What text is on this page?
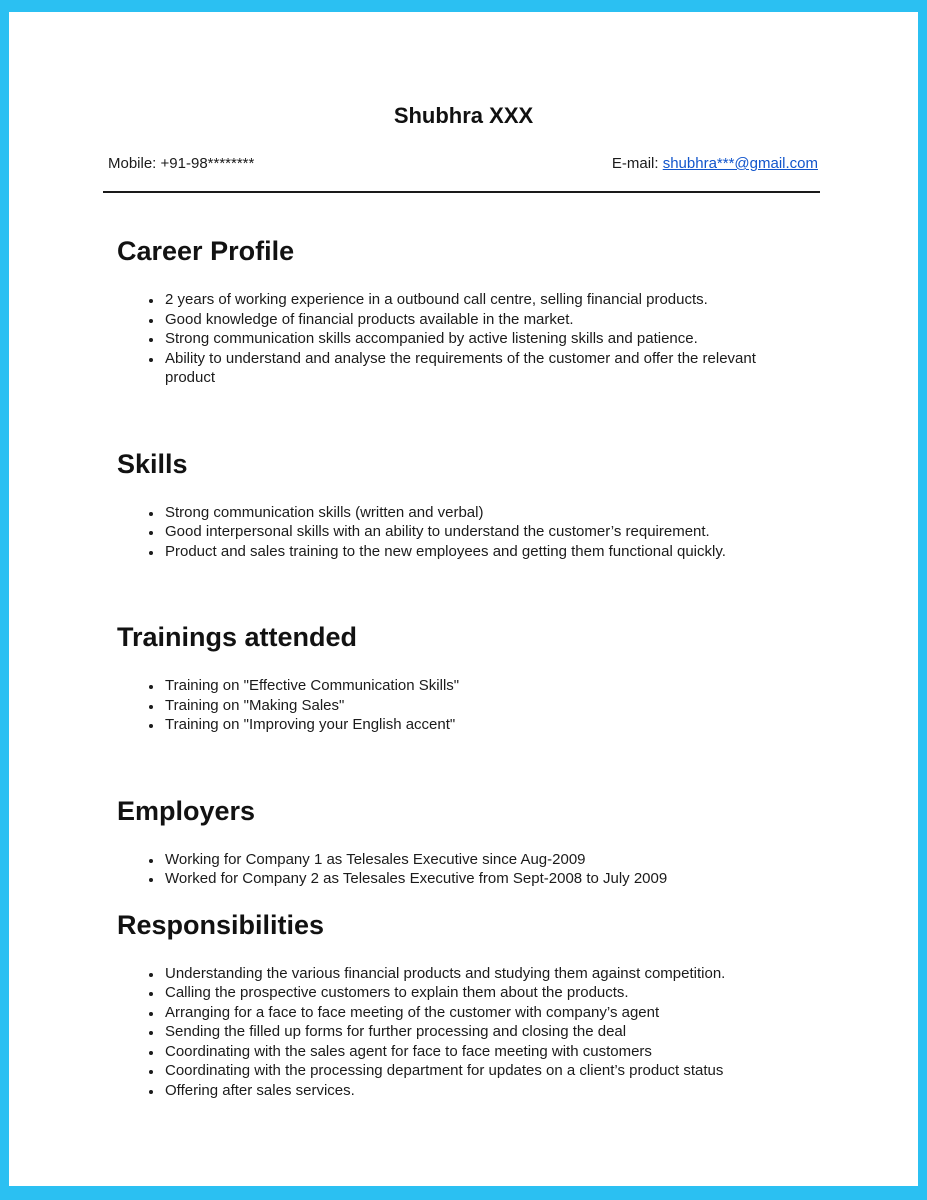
Shubhra XXX
Mobile: +91-98********	E-mail: shubhra***@gmail.com
Career Profile
• 2 years of working experience in a outbound call centre, selling financial products.
• Good knowledge of financial products available in the market.
• Strong communication skills accompanied by active listening skills and patience.
• Ability to understand and analyse the requirements of the customer and offer the relevant product
Skills
• Strong communication skills (written and verbal)
• Good interpersonal skills with an ability to understand the customer’s requirement.
• Product and sales training to the new employees and getting them functional quickly.
Trainings attended
• Training on "Effective Communication Skills"
• Training on "Making Sales"
• Training on "Improving your English accent"
Employers
• Working for Company 1 as Telesales Executive since Aug-2009
• Worked for Company 2 as Telesales Executive from Sept-2008 to July 2009
Responsibilities
• Understanding the various financial products and studying them against competition.
• Calling the prospective customers to explain them about the products.
• Arranging for a face to face meeting of the customer with company’s agent
• Sending the filled up forms for further processing and closing the deal
• Coordinating with the sales agent for face to face meeting with customers
• Coordinating with the processing department for updates on a client’s product status
• Offering after sales services.
